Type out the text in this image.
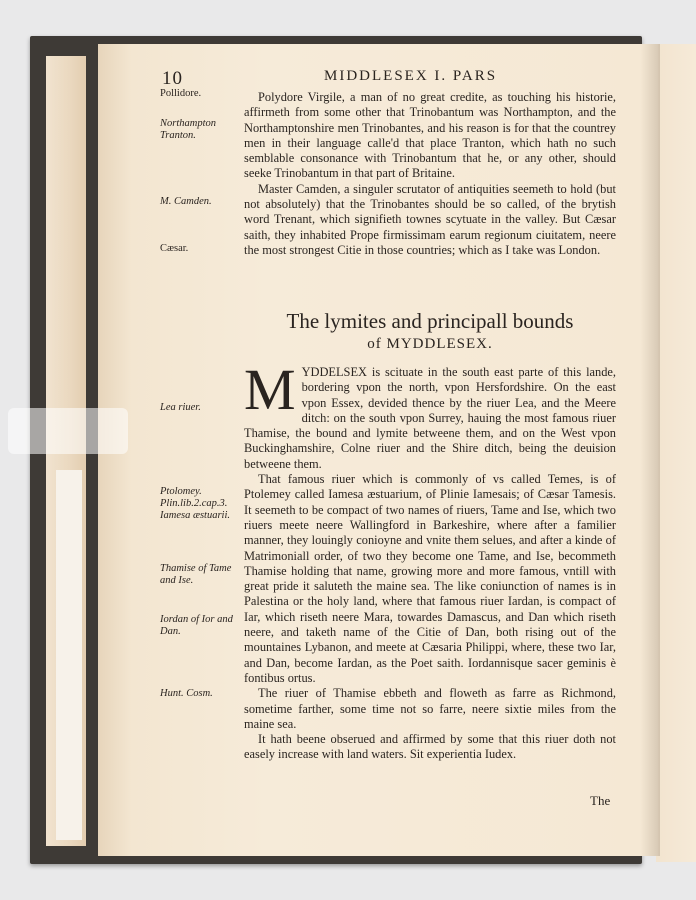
10	MIDDLESEX I. PARS
Pollidore.
Northampton Tranton.
M. Camden.
Cæsar.
Lea riuer.
Ptolomey. Plin.lib.2.cap.3. Iamesa æstuarii.
Thamise of Tame and Ise.
Iordan of Ior and Dan.
Hunt. Cosm.

Polydore Virgile, a man of no great credite, as touching his historie, affirmeth from some other that Trinobantum was Northampton, and the Northamptonshire men Trinobantes, and his reason is for that the countrey men in their language calle'd that place Tranton, which hath no such semblable consonance with Trinobantum that he, or any other, should seeke Trinobantum in that part of Britaine.

Master Camden, a singuler scrutator of antiquities seemeth to hold (but not absolutely) that the Trinobantes should be so called, of the brytish word Trenant, which signifieth townes scytuate in the valley. But Cæsar saith, they inhabited Prope firmissimam earum regionum ciuitatem, neere the most strongest Citie in those countries; which as I take was London.

The lymites and principall bounds
of MYDDLESEX.

MYDDELSEX is scituate in the south east parte of this lande, bordering vpon the north, vpon Hersfordshire. On the east vpon Essex, devided thence by the riuer Lea, and the Meere ditch: on the south vpon Surrey, hauing the most famous riuer Thamise, the bound and lymite betweene them, and on the West vpon Buckinghamshire, Colne riuer and the Shire ditch, being the deuision betweene them.

That famous riuer which is commonly of vs called Temes, is of Ptolemey called Iamesa æstuarium, of Plinie Iamesais; of Cæsar Tamesis. It seemeth to be compact of two names of riuers, Tame and Ise, which two riuers meete neere Wallingford in Barkeshire, where after a familier manner, they louingly conioyne and vnite them selues, and after a kinde of Matrimoniall order, of two they become one Tame, and Ise, becommeth Thamise holding that name, growing more and more famous, vntill with great pride it saluteth the maine sea. The like coniunction of names is in Palestina or the holy land, where that famous riuer Iardan, is compact of Iar, which riseth neere Mara, towardes Damascus, and Dan which riseth neere, and taketh name of the Citie of Dan, both rising out of the mountaines Lybanon, and meete at Cæsaria Philippi, where, these two Iar, and Dan, become Iardan, as the Poet saith. Iordannisque sacer geminis è fontibus ortus.

The riuer of Thamise ebbeth and floweth as farre as Richmond, sometime farther, some time not so farre, neere sixtie miles from the maine sea.

It hath beene obserued and affirmed by some that this riuer doth not easely increase with land waters. Sit experientia Iudex.

The
